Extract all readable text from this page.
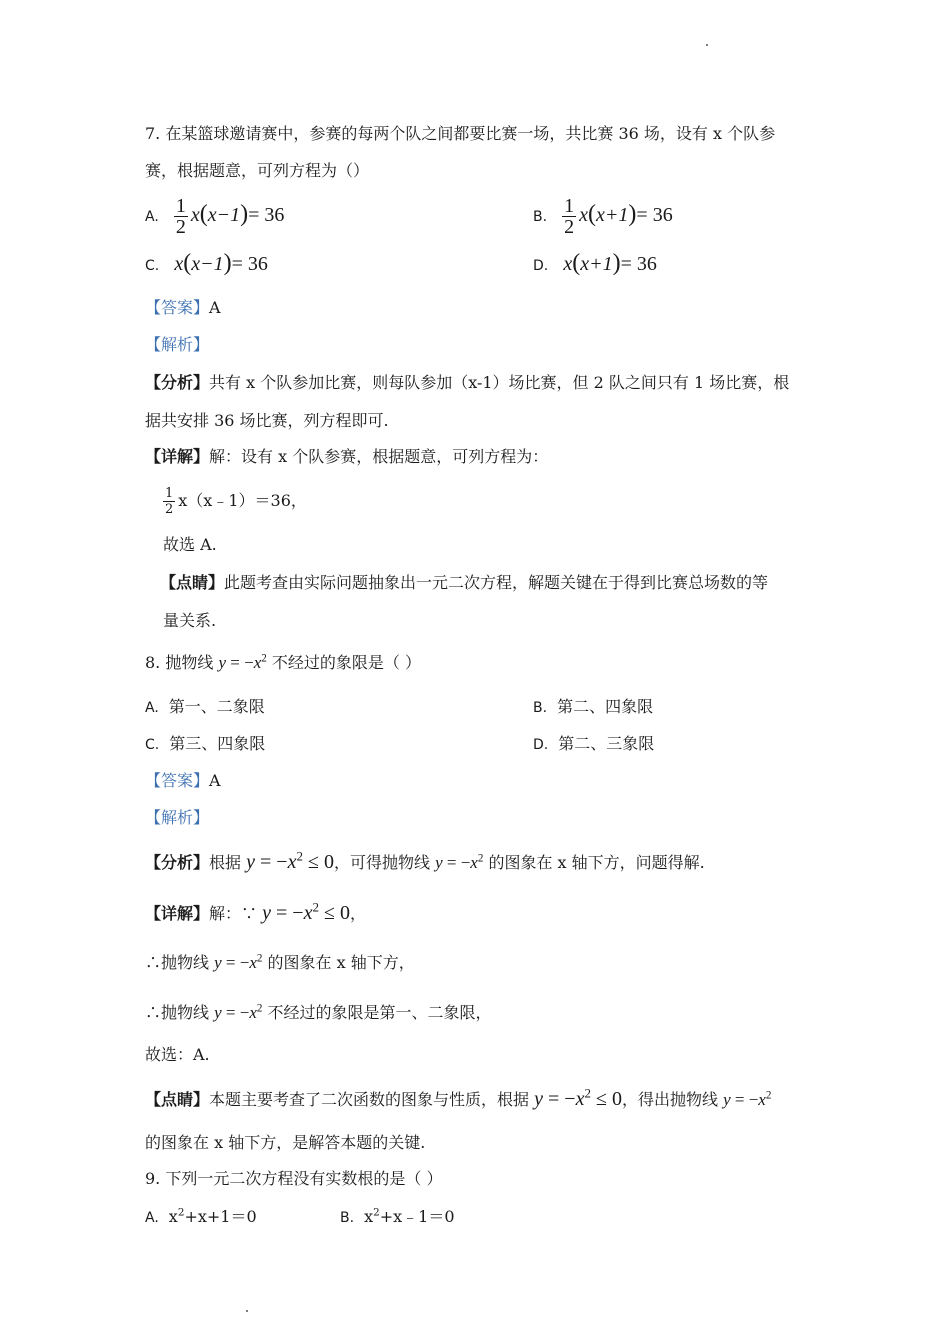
7. 在某篮球邀请赛中，参赛的每两个队之间都要比赛一场，共比赛 36 场，设有 x 个队参
赛，根据题意，可列方程为（）
A. $\frac{1}{2} x(x-1)= 36$	B. $\frac{1}{2} x(x+1)= 36$
C. x(x−1)= 36	D. x(x+1)= 36
【答案】A
【解析】
【分析】共有 x 个队参加比赛，则每队参加（x-1）场比赛，但 2 队之间只有 1 场比赛，根
据共安排 36 场比赛，列方程即可.
【详解】解：设有 x 个队参赛，根据题意，可列方程为：
$\frac{1}{2}$ x（x﹣1）＝36，
故选 A.
【点睛】此题考查由实际问题抽象出一元二次方程，解题关键在于得到比赛总场数的等
量关系.
8. 抛物线 $y = -x^2$ 不经过的象限是（ ）
A. 第一、二象限	B. 第二、四象限
C. 第三、四象限	D. 第二、三象限
【答案】A
【解析】
【分析】根据 $y = -x^2 \le 0$，可得抛物线 $y = -x^2$ 的图象在 x 轴下方，问题得解.
【详解】解：∵ $y = -x^2 \le 0$，
∴抛物线 $y = -x^2$ 的图象在 x 轴下方，
∴抛物线 $y = -x^2$ 不经过的象限是第一、二象限，
故选：A.
【点睛】本题主要考查了二次函数的图象与性质，根据 $y = -x^2 \le 0$，得出抛物线 $y = -x^2$
的图象在 x 轴下方，是解答本题的关键.
9. 下列一元二次方程没有实数根的是（ ）
A. $x^2+x+1=0$	B. $x^2+x﹣1=0$
